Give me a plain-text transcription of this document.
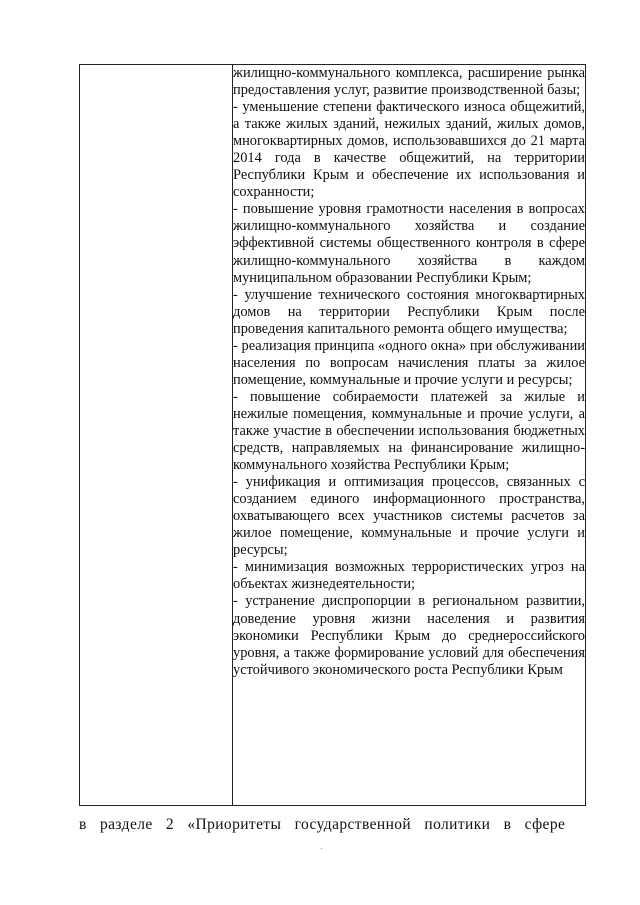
жилищно-коммунального комплекса, расширение рынка предоставления услуг, развитие производственной базы;

- уменьшение степени фактического износа общежитий, а также жилых зданий, нежилых зданий, жилых домов, многоквартирных домов, использовавшихся до 21 марта 2014 года в качестве общежитий, на территории Республики Крым и обеспечение их использования и сохранности;

- повышение уровня грамотности населения в вопросах жилищно-коммунального хозяйства и создание эффективной системы общественного контроля в сфере жилищно-коммунального хозяйства в каждом муниципальном образовании Республики Крым;

- улучшение технического состояния многоквартирных домов на территории Республики Крым после проведения капитального ремонта общего имущества;

- реализация принципа «одного окна» при обслуживании населения по вопросам начисления платы за жилое помещение, коммунальные и прочие услуги и ресурсы;

- повышение собираемости платежей за жилые и нежилые помещения, коммунальные и прочие услуги, а также участие в обеспечении использования бюджетных средств, направляемых на финансирование жилищно-коммунального хозяйства Республики Крым;

- унификация и оптимизация процессов, связанных с созданием единого информационного пространства, охватывающего всех участников системы расчетов за жилое помещение, коммунальные и прочие услуги и ресурсы;

- минимизация возможных террористических угроз на объектах жизнедеятельности;

- устранение диспропорции в региональном развитии, доведение уровня жизни населения и развития экономики Республики Крым до среднероссийского уровня, а также формирование условий для обеспечения устойчивого экономического роста Республики Крым

в разделе 2 «Приоритеты государственной политики в сфере
